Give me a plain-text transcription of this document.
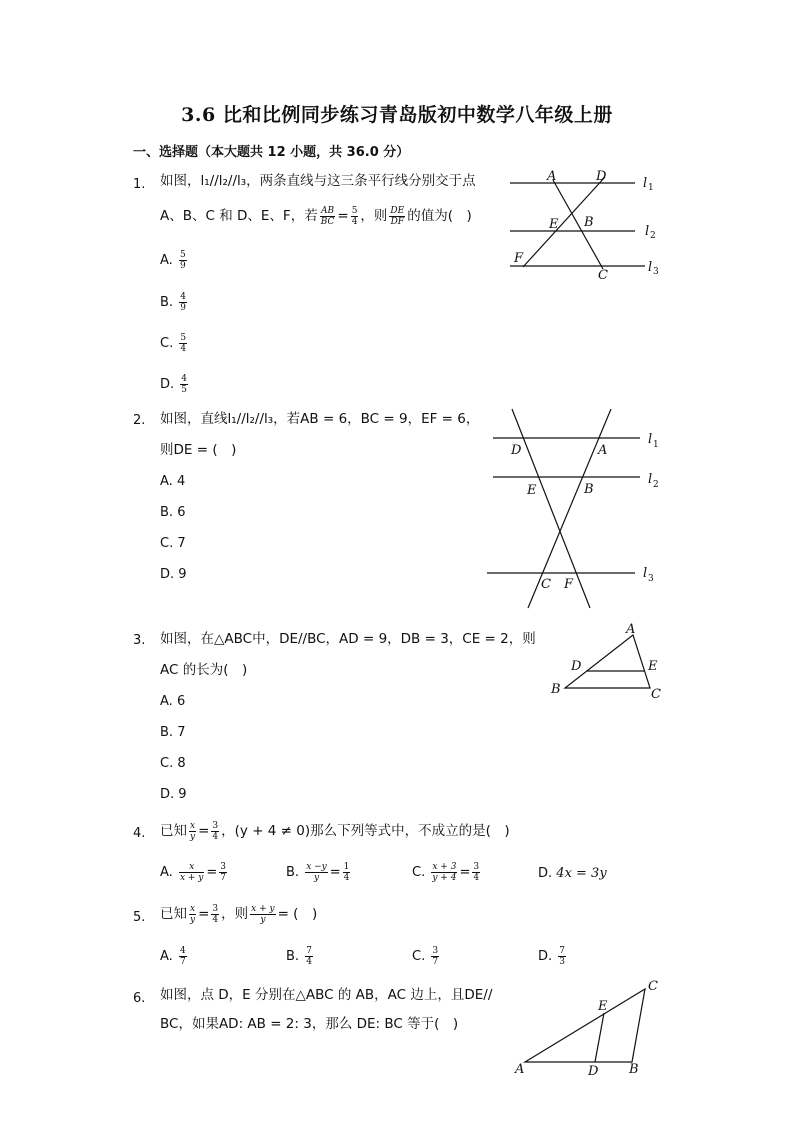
3.6 比和比例同步练习青岛版初中数学八年级上册
一、选择题（本大题共 12 小题，共 36.0 分）
1. 如图，l₁//l₂//l₃，两条直线与这三条平行线分别交于点
A、B、C 和 D、E、F，若 $\frac{AB}{BC} = \frac{5}{4}$ ，则 $\frac{DE}{DF}$ 的值为(　)
A. $\frac{5}{9}$
B. $\frac{4}{9}$
C. $\frac{5}{4}$
D. $\frac{4}{5}$
A	D
E B
F
C
l 1
l 2
l 3
2. 如图，直线l₁//l₂//l₃，若AB = 6，BC = 9，EF = 6，
则DE = (　)
A. 4
B. 6
C. 7
D. 9
D	A
E	B
C F
l 1
l 2
l 3
3. 如图，在△ABC中，DE//BC，AD = 9，DB = 3，CE = 2，则
AC 的长为(　)
A. 6
B. 7
C. 8
D. 9
A
D	E
B	C
4. 已知 $\frac{x}{y} = \frac{3}{4}$ ，(y + 4 ≠ 0)那么下列等式中，不成立的是(　)
A. $\frac{x}{x + y} = \frac{3}{7}$	B. $\frac{x -y}{y} = \frac{1}{4}$	C. $\frac{x + 3}{y + 4} = \frac{3}{4}$	D. 4x = 3y
5. 已知 $\frac{x}{y} = \frac{3}{4}$ ，则 $\frac{x + y}{y}$ = (　)
A. $\frac{4}{7}$	B. $\frac{7}{4}$	C. $\frac{3}{7}$	D. $\frac{7}{3}$
6. 如图，点 D，E 分别在△ABC 的 AB，AC 边上，且DE//
BC，如果AD: AB = 2: 3，那么 DE: BC 等于(　)
C
E
A	D B
